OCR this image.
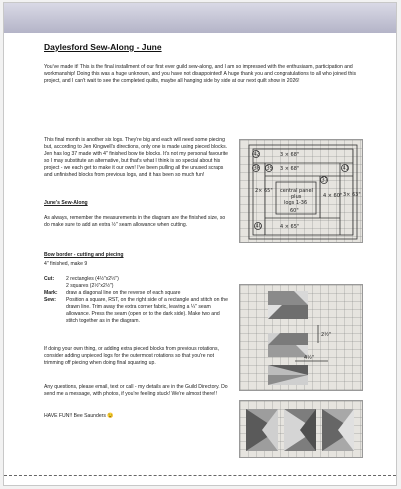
Daylesford Sew-Along - June
You've made it! This is the final installment of our first ever guild sew-along, and I am so impressed with the enthusiasm, participation and workmanship! Doing this was a huge unknown, and you have not disappointed! A huge thank you and congratulations to all who joined this project, and I can't wait to see the completed quilts, maybe all hanging side by side at our next quilt show in 2026!
This final month is another six logs. They're big and each will need some piecing but, according to Jen Kingwell's directions, only one is made using pieced blocks. Jen has log 37 made with 4" finished bow tie blocks. It's not my personal favourite so I may substitute an alternative, but that's what I think is so special about his project - we each get to make it our own! I've been pulling all the unused scraps and unfinished blocks from previous logs, and it has been so much fun!
June's Sew-Along
As always, remember the measurements in the diagram are the finished size, so do make sure to add an extra ½" seam allowance when cutting.
Bow border - cutting and piecing
4" finished, make 9
Cut:	2 rectangles (4½"x2½")
2 squares (2½"x2½")
Mark:	draw a diagonal line on the reverse of each square
Sew:	Position a square, RST, on the right side of a rectangle and stitch on the drawn line. Trim away the extra corner fabric, leaving a ¼" seam allowance. Press the seam (open or to the dark side). Make two and stitch together as in the diagram.
If doing your own thing, or adding extra pieced blocks from previous rotations, consider adding unpieced logs for the outermost rotations so that you're not trimming off piecing when doing final squaring up.
Any questions, please email, text or call - my details are in the Guild Directory. Do send me a message, with photos, if you're feeling stuck! We're almost there!!
HAVE FUN!! Bee Saunders 😉
42	3 × 68"
39 3 × 68"	41
38
37
4 × 60"
2× 65"
3× 63"
central panel
plus
logs 1-36
60"
40	4 × 65"
2½"
4½"
